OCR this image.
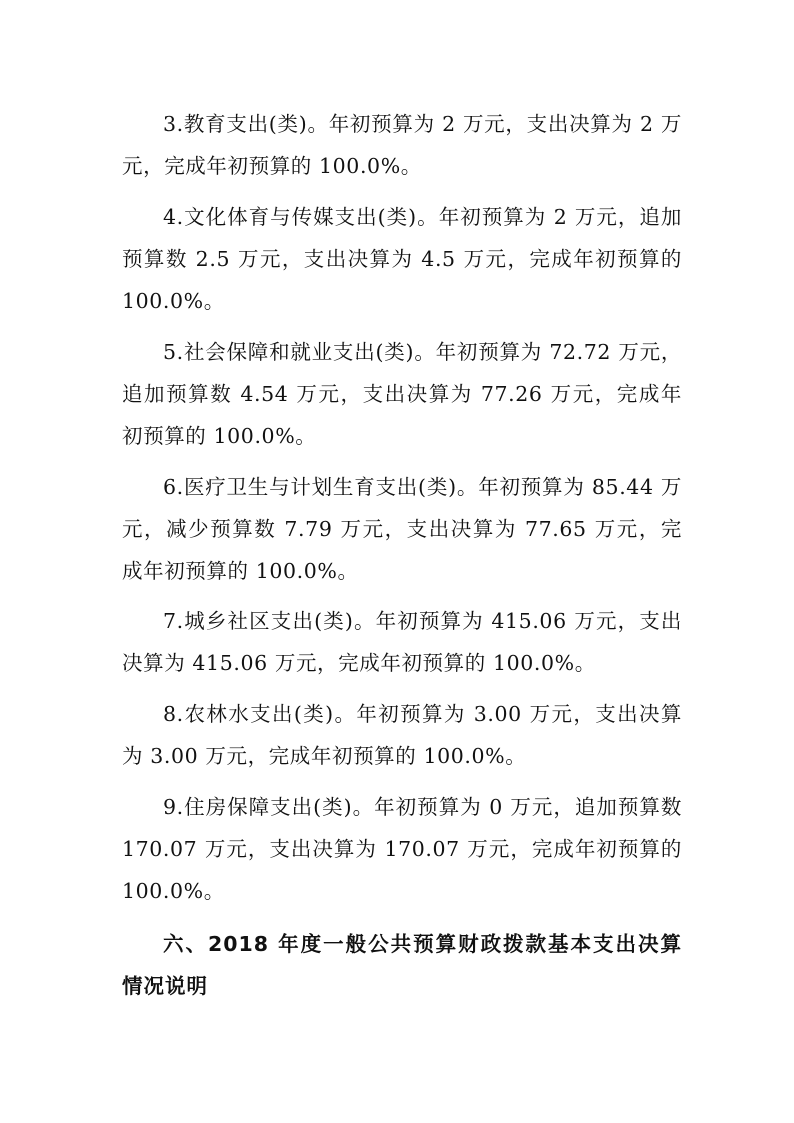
3.教育支出(类)。年初预算为 2 万元，支出决算为 2 万元，完成年初预算的 100.0%。

4.文化体育与传媒支出(类)。年初预算为 2 万元，追加预算数 2.5 万元，支出决算为 4.5 万元，完成年初预算的 100.0%。

5.社会保障和就业支出(类)。年初预算为 72.72 万元，追加预算数 4.54 万元，支出决算为 77.26 万元，完成年初预算的 100.0%。

6.医疗卫生与计划生育支出(类)。年初预算为 85.44 万元，减少预算数 7.79 万元，支出决算为 77.65 万元，完成年初预算的 100.0%。

7.城乡社区支出(类)。年初预算为 415.06 万元，支出决算为 415.06 万元，完成年初预算的 100.0%。

8.农林水支出(类)。年初预算为 3.00 万元，支出决算为 3.00 万元，完成年初预算的 100.0%。

9.住房保障支出(类)。年初预算为 0 万元，追加预算数 170.07 万元，支出决算为 170.07 万元，完成年初预算的 100.0%。

六、2018 年度一般公共预算财政拨款基本支出决算情况说明
